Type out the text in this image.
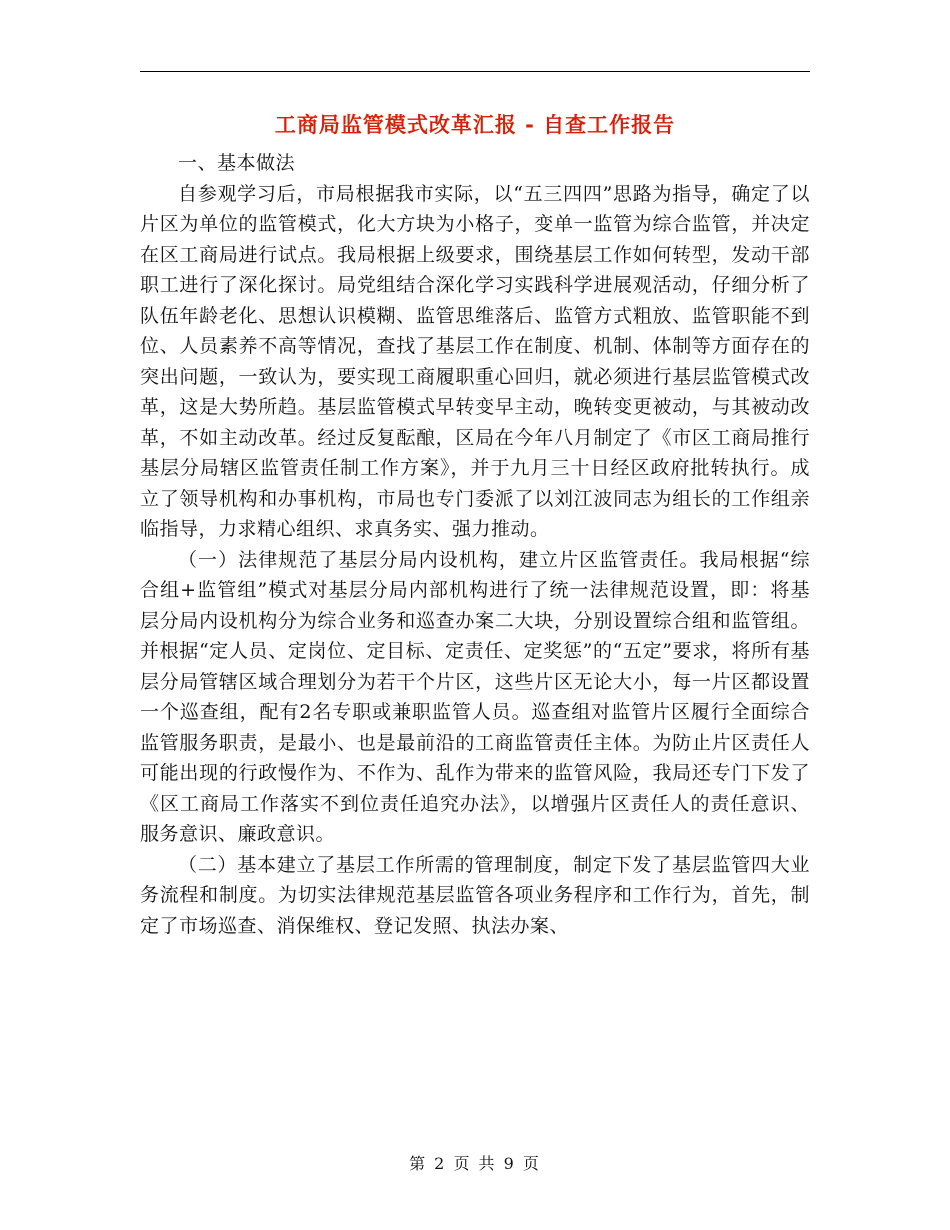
工商局监管模式改革汇报 - 自查工作报告

一、基本做法

自参观学习后，市局根据我市实际，以“五三四四”思路为指导，确定了以片区为单位的监管模式，化大方块为小格子，变单一监管为综合监管，并决定在区工商局进行试点。我局根据上级要求，围绕基层工作如何转型，发动干部职工进行了深化探讨。局党组结合深化学习实践科学进展观活动，仔细分析了队伍年龄老化、思想认识模糊、监管思维落后、监管方式粗放、监管职能不到位、人员素养不高等情况，查找了基层工作在制度、机制、体制等方面存在的突出问题，一致认为，要实现工商履职重心回归，就必须进行基层监管模式改革，这是大势所趋。基层监管模式早转变早主动，晚转变更被动，与其被动改革，不如主动改革。经过反复酝酿，区局在今年八月制定了《市区工商局推行基层分局辖区监管责任制工作方案》，并于九月三十日经区政府批转执行。成立了领导机构和办事机构，市局也专门委派了以刘江波同志为组长的工作组亲临指导，力求精心组织、求真务实、强力推动。

（一）法律规范了基层分局内设机构，建立片区监管责任。我局根据“综合组+监管组”模式对基层分局内部机构进行了统一法律规范设置，即：将基层分局内设机构分为综合业务和巡查办案二大块，分别设置综合组和监管组。并根据“定人员、定岗位、定目标、定责任、定奖惩”的“五定”要求，将所有基层分局管辖区域合理划分为若干个片区，这些片区无论大小，每一片区都设置一个巡查组，配有2名专职或兼职监管人员。巡查组对监管片区履行全面综合监管服务职责，是最小、也是最前沿的工商监管责任主体。为防止片区责任人可能出现的行政慢作为、不作为、乱作为带来的监管风险，我局还专门下发了《区工商局工作落实不到位责任追究办法》，以增强片区责任人的责任意识、服务意识、廉政意识。

（二）基本建立了基层工作所需的管理制度，制定下发了基层监管四大业务流程和制度。为切实法律规范基层监管各项业务程序和工作行为，首先，制定了市场巡查、消保维权、登记发照、执法办案、

第 2 页 共 9 页
